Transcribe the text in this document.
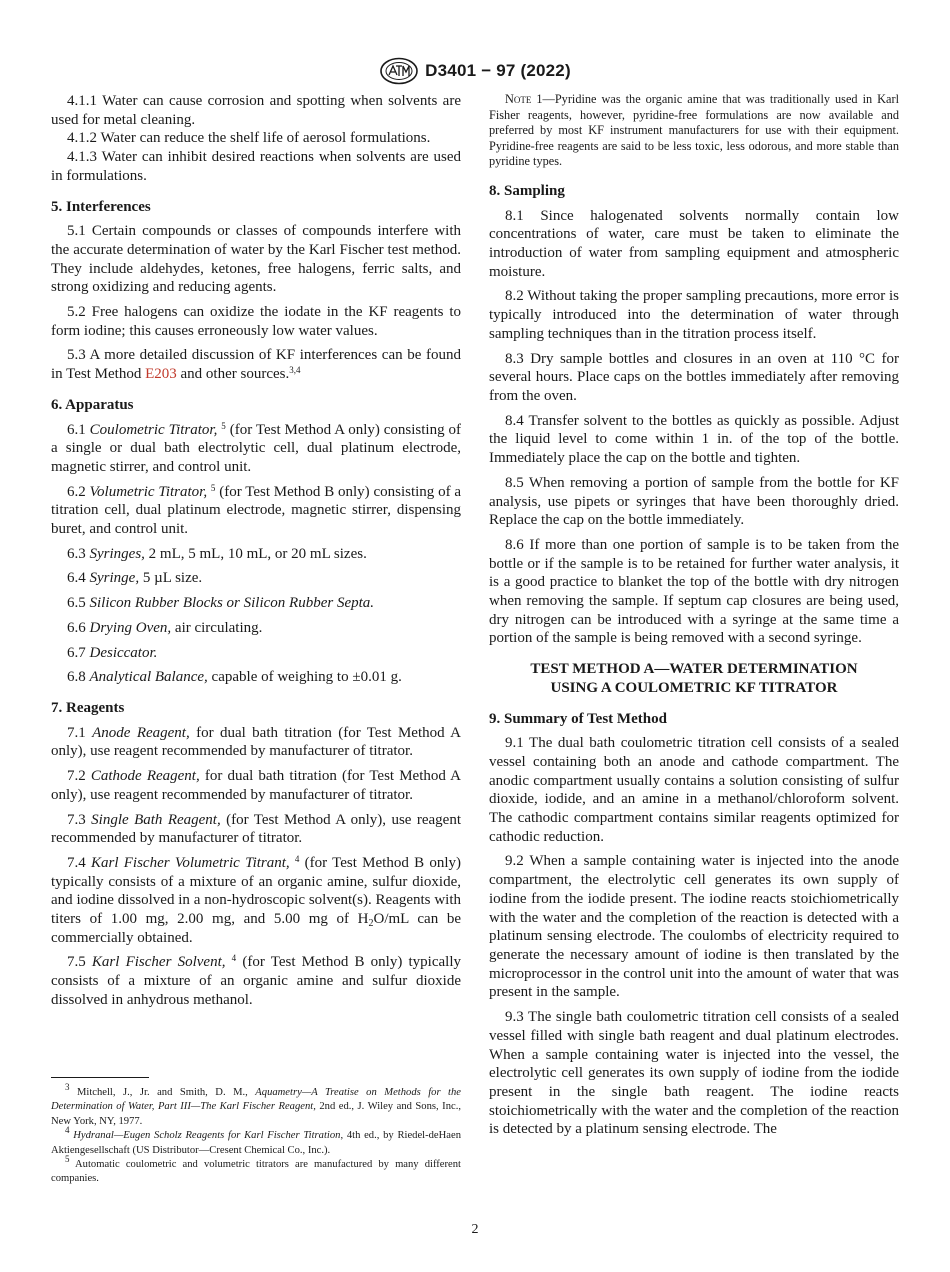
D3401 − 97 (2022)

4.1.1 Water can cause corrosion and spotting when solvents are used for metal cleaning.

4.1.2 Water can reduce the shelf life of aerosol formulations.

4.1.3 Water can inhibit desired reactions when solvents are used in formulations.

5. Interferences

5.1 Certain compounds or classes of compounds interfere with the accurate determination of water by the Karl Fischer test method. They include aldehydes, ketones, free halogens, ferric salts, and strong oxidizing and reducing agents.

5.2 Free halogens can oxidize the iodate in the KF reagents to form iodine; this causes erroneously low water values.

5.3 A more detailed discussion of KF interferences can be found in Test Method E203 and other sources.$^{3,4}$

6. Apparatus

6.1 Coulometric Titrator, $^5$ (for Test Method A only) consisting of a single or dual bath electrolytic cell, dual platinum electrode, magnetic stirrer, and control unit.

6.2 Volumetric Titrator, $^5$ (for Test Method B only) consisting of a titration cell, dual platinum electrode, magnetic stirrer, dispensing buret, and control unit.

6.3 Syringes, 2 mL, 5 mL, 10 mL, or 20 mL sizes.

6.4 Syringe, 5 µL size.

6.5 Silicon Rubber Blocks or Silicon Rubber Septa.

6.6 Drying Oven, air circulating.

6.7 Desiccator.

6.8 Analytical Balance, capable of weighing to ±0.01 g.

7. Reagents

7.1 Anode Reagent, for dual bath titration (for Test Method A only), use reagent recommended by manufacturer of titrator.

7.2 Cathode Reagent, for dual bath titration (for Test Method A only), use reagent recommended by manufacturer of titrator.

7.3 Single Bath Reagent, (for Test Method A only), use reagent recommended by manufacturer of titrator.

7.4 Karl Fischer Volumetric Titrant, $^4$ (for Test Method B only) typically consists of a mixture of an organic amine, sulfur dioxide, and iodine dissolved in a non-hydroscopic solvent(s). Reagents with titers of 1.00 mg, 2.00 mg, and 5.00 mg of $H_2O/mL$ can be commercially obtained.

7.5 Karl Fischer Solvent, $^4$ (for Test Method B only) typically consists of a mixture of an organic amine and sulfur dioxide dissolved in anhydrous methanol.

$^3$ Mitchell, J., Jr. and Smith, D. M., Aquametry—A Treatise on Methods for the Determination of Water, Part III—The Karl Fischer Reagent, 2nd ed., J. Wiley and Sons, Inc., New York, NY, 1977.
$^4$ Hydranal—Eugen Scholz Reagents for Karl Fischer Titration, 4th ed., by Riedel-deHaen Aktiengesellschaft (US Distributor—Cresent Chemical Co., Inc.).
$^5$ Automatic coulometric and volumetric titrators are manufactured by many different companies.

Note 1—Pyridine was the organic amine that was traditionally used in Karl Fisher reagents, however, pyridine-free formulations are now available and preferred by most KF instrument manufacturers for use with their equipment. Pyridine-free reagents are said to be less toxic, less odorous, and more stable than pyridine types.

8. Sampling

8.1 Since halogenated solvents normally contain low concentrations of water, care must be taken to eliminate the introduction of water from sampling equipment and atmospheric moisture.

8.2 Without taking the proper sampling precautions, more error is typically introduced into the determination of water through sampling techniques than in the titration process itself.

8.3 Dry sample bottles and closures in an oven at 110 °C for several hours. Place caps on the bottles immediately after removing from the oven.

8.4 Transfer solvent to the bottles as quickly as possible. Adjust the liquid level to come within 1 in. of the top of the bottle. Immediately place the cap on the bottle and tighten.

8.5 When removing a portion of sample from the bottle for KF analysis, use pipets or syringes that have been thoroughly dried. Replace the cap on the bottle immediately.

8.6 If more than one portion of sample is to be taken from the bottle or if the sample is to be retained for further water analysis, it is a good practice to blanket the top of the bottle with dry nitrogen when removing the sample. If septum cap closures are being used, dry nitrogen can be introduced with a syringe at the same time a portion of the sample is being removed with a second syringe.

TEST METHOD A—WATER DETERMINATION
USING A COULOMETRIC KF TITRATOR
9. Summary of Test Method

9.1 The dual bath coulometric titration cell consists of a sealed vessel containing both an anode and cathode compartment. The anodic compartment usually contains a solution consisting of sulfur dioxide, iodide, and an amine in a methanol/chloroform solvent. The cathodic compartment contains similar reagents optimized for cathodic reduction.

9.2 When a sample containing water is injected into the anode compartment, the electrolytic cell generates its own supply of iodine from the iodide present. The iodine reacts stoichiometrically with the water and the completion of the reaction is detected with a platinum sensing electrode. The coulombs of electricity required to generate the necessary amount of iodine is then translated by the microprocessor in the control unit into the amount of water that was present in the sample.

9.3 The single bath coulometric titration cell consists of a sealed vessel filled with single bath reagent and dual platinum electrodes. When a sample containing water is injected into the vessel, the electrolytic cell generates its own supply of iodine from the iodide present in the single bath reagent. The iodine reacts stoichiometrically with the water and the completion of the reaction is detected by a platinum sensing electrode. The

2
